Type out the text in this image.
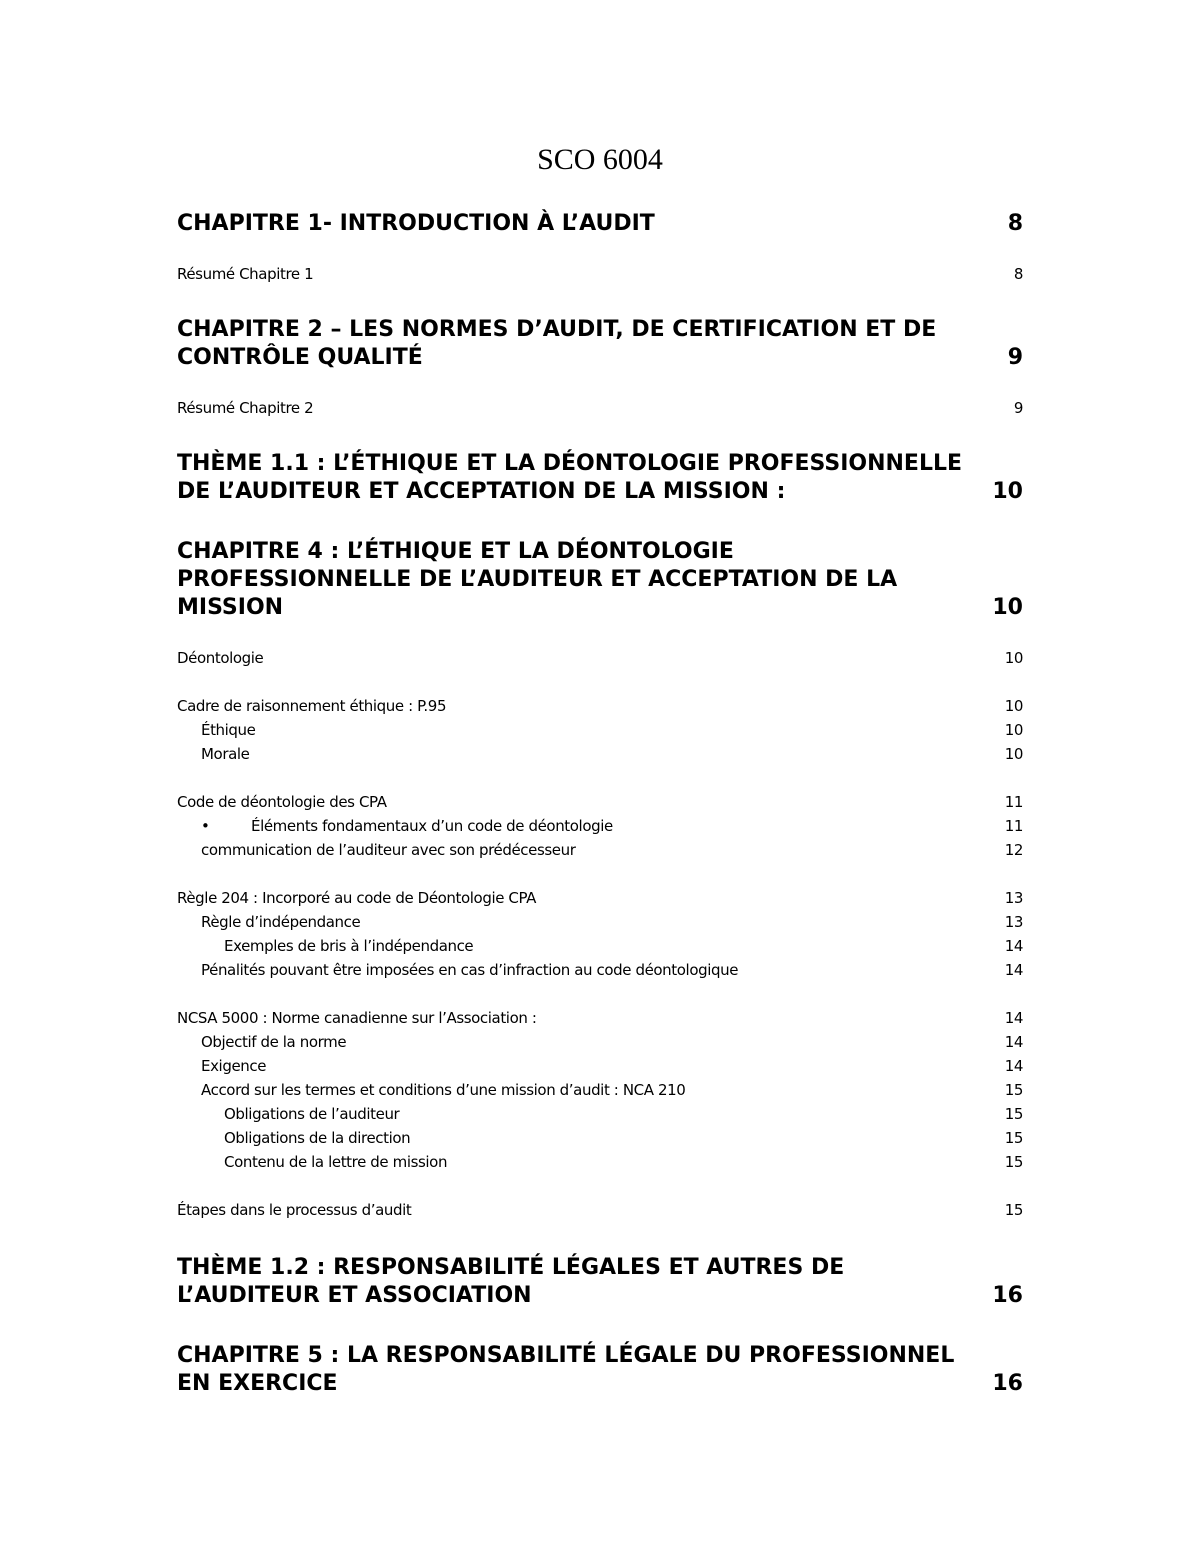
SCO 6004
CHAPITRE 1- INTRODUCTION À L’AUDIT	8
Résumé Chapitre 1	8
CHAPITRE 2 – LES NORMES D’AUDIT, DE CERTIFICATION ET DE CONTRÔLE QUALITÉ	9
Résumé Chapitre 2	9
THÈME 1.1 : L’ÉTHIQUE ET LA DÉONTOLOGIE PROFESSIONNELLE DE L’AUDITEUR ET ACCEPTATION DE LA MISSION :	10
CHAPITRE 4 : L’ÉTHIQUE ET LA DÉONTOLOGIE PROFESSIONNELLE DE L’AUDITEUR ET ACCEPTATION DE LA MISSION	10
Déontologie	10
Cadre de raisonnement éthique : P.95	10
Éthique	10
Morale	10
Code de déontologie des CPA	11
•	Éléments fondamentaux d’un code de déontologie	11
communication de l’auditeur avec son prédécesseur	12
Règle 204 : Incorporé au code de Déontologie CPA	13
Règle d’indépendance	13
Exemples de bris à l’indépendance	14
Pénalités pouvant être imposées en cas d’infraction au code déontologique	14
NCSA 5000 : Norme canadienne sur l’Association :	14
Objectif de la norme	14
Exigence	14
Accord sur les termes et conditions d’une mission d’audit : NCA 210	15
Obligations de l’auditeur	15
Obligations de la direction	15
Contenu de la lettre de mission	15
Étapes dans le processus d’audit	15
THÈME 1.2 : RESPONSABILITÉ LÉGALES ET AUTRES DE L’AUDITEUR ET ASSOCIATION	16
CHAPITRE 5 : LA RESPONSABILITÉ LÉGALE DU PROFESSIONNEL EN EXERCICE	16
